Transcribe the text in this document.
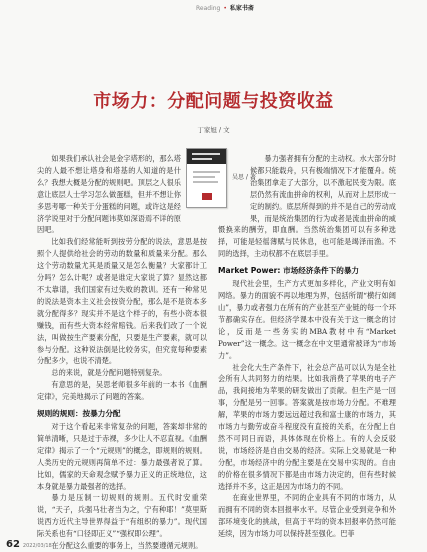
Reading • 私家书斋
市场力：分配问题与投资收益
丁家旭 / 文
吴思 / 著

如果我们承认社会是金字塔形的，那么塔尖的人最不想让塔身和塔基的人知道的是什么？我想大概是分配的规则吧。顶层之人很乐意让底层人士学习怎么做蛋糕，但并不想让你多思考哪一种关于分蛋糕的问题，或许这是经济学说里对于分配问题讳莫如深语焉不详的原因吧。

比如我们经常能听到按劳分配的说法，意思是按照个人提供给社会的劳动的数量和质量来分配。那么这个劳动数量尤其是质量又是怎么衡量？大家都计工分吗？怎么计呢？或者是谁定大家说了算？显然这都不太靠谱，我们国家有过失败的教训。还有一种常见的说法是资本主义社会按资分配，那么是不是资本多就分配得多？现实并不是这个样子的，有些小资本很赚钱，而有些大资本经常赔钱。后来我们改了一个说法，叫做按生产要素分配，只要是生产要素，就可以参与分配。这种说法倒是比较务实，但究竟每种要素分配多少，也说不清楚。

总的来说，就是分配问题特别复杂。

有意思的是，吴思老师很多年前的一本书《血酬定律》，完美地揭示了问题的答案。

规则的规则：按暴力分配

对于这个看起来非常复杂的问题，答案却非常的简单清晰，只是过于赤裸，多少让人不忍直视。《血酬定律》揭示了一个“元规则”的概念，即规则的规则。人类历史的元规则再简单不过：暴力最强者说了算。比如，儒家的天命观念赋予暴力正义的正统地位，这本身就是暴力最强者的选择。

暴力是压制一切规则的规则。五代时安重荣说，“天子，兵强马壮者当为之，宁有种耶！”莫里斯说西方近代主导世界得益于“有组织的暴力”。现代国际关系也有“口径即正义”“强权即公理”。

在分配这么重要的事务上，当然要遵循元规则。

暴力强者拥有分配的主动权。水大部分时候都只能载舟，只有极端情况下才能覆舟。统治集团拿走了大部分，以不激起民变为限。底层仍然有流血拼命的权利，从而对上层形成一定的制约。底层所得到的并不是自己的劳动成果，而是统治集团的行为或者是流血拼命的威慑换来的酬劳，即血酬。当然统治集团可以有多种选择，可能是轻徭薄赋与民休息，也可能是竭泽而渔。不同的选择，主动权都不在底层手里。

Market Power: 市场经济条件下的暴力

现代社会里，生产方式更加多样化，产业文明有如网络。暴力的面貌不再以地理为界，包括所谓“横行如阔山”，暴力或者强力在所有的产业甚至产业链的每一个环节都确实存在。但经济学课本中没有关于这一概念的讨论，反而是一些务实的MBA教材中有“Market Power”这一概念。这一概念在中文里通常被译为“市场力”。

社会化大生产条件下，社会总产品可以认为是全社会所有人共同努力的结果。比如我消费了苹果的电子产品，我间接地为苹果的研发做出了贡献。但生产是一回事，分配是另一回事。答案就是按市场力分配。不难理解，苹果的市场力要远远超过我和富士康的市场力，其市场力与勤劳或奋斗程度没有直接的关系，在分配上自然不可同日而语，具体体现在价格上。有的人会反驳说，市场经济是自由交易的经济。实际上交易就是一种分配，市场经济中的分配主要是在交易中实现的。自由的价格在很多情况下都是由市场力决定的，但有些时候选择并不多，这正是因为市场力的不同。

在商业世界里，不同的企业具有不同的市场力，从而拥有不同的资本回报率水平。尽管企业受到竞争和外部环境变化的挑战，但高于平均的资本回报率仍然可能延续，因为市场力可以保持甚至强化。巴菲

62 2022/03/18
